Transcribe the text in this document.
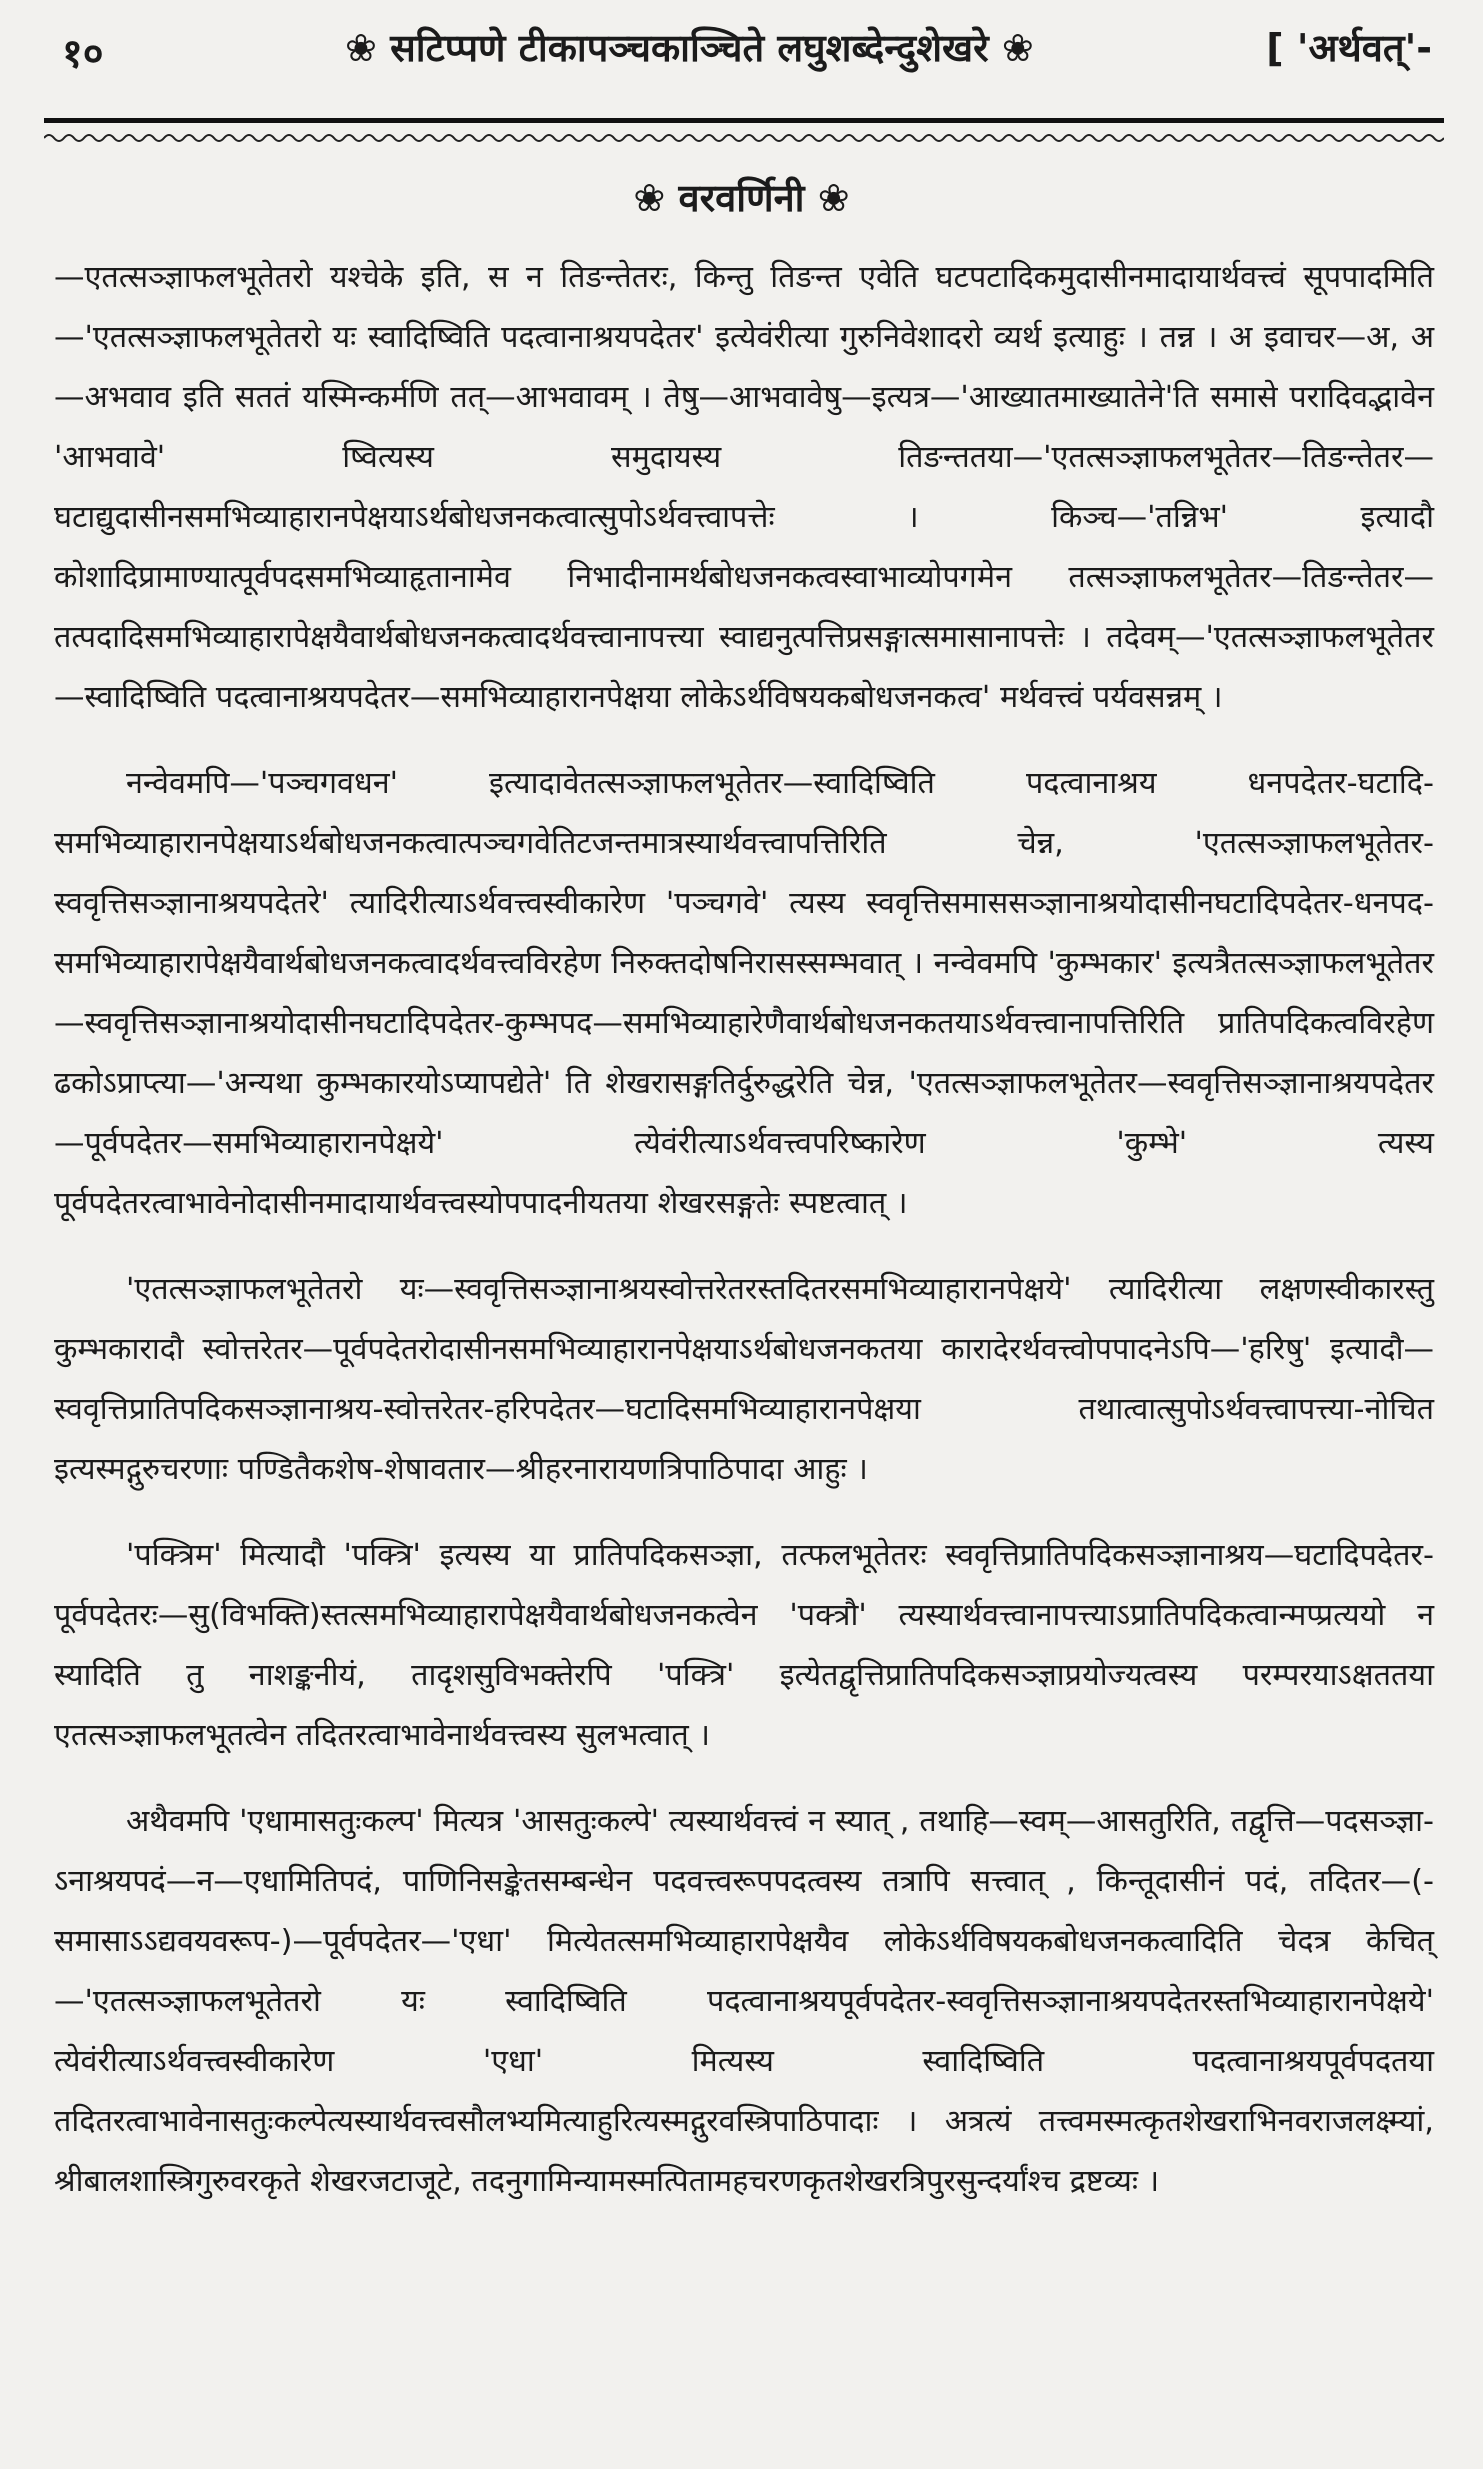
१०	❀ सटिप्पणे टीकापञ्चकाञ्चिते लघुशब्देन्दुशेखरे ❀	[ 'अर्थवत्'-
❀ वरवर्णिनी ❀

—एतत्सञ्ज्ञाफलभूतेतरो यश्चेके इति, स न तिङन्तेतरः, किन्तु तिङन्त एवेति घटपटादिकमुदासीनमादायार्थवत्त्वं सूपपादमिति—'एतत्सञ्ज्ञाफलभूतेतरो यः स्वादिष्विति पदत्वानाश्रयपदेतर' इत्येवंरीत्या गुरुनिवेशादरो व्यर्थ इत्याहुः । तन्न । अ इवाचर—अ, अ—अभवाव इति सततं यस्मिन्कर्मणि तत्—आभवावम् । तेषु—आभवावेषु—इत्यत्र—'आख्यातमाख्यातेने'ति समासे परादिवद्भावेन 'आभवावे' ष्वित्यस्य समुदायस्य तिङन्ततया—'एतत्सञ्ज्ञाफलभूतेतर—तिङन्तेतर—घटाद्युदासीनसमभिव्याहारानपेक्षयाऽर्थबोधजनकत्वात्सुपोऽर्थवत्त्वापत्तेः । किञ्च—'तन्निभ' इत्यादौ कोशादिप्रामाण्यात्पूर्वपदसमभिव्याहृतानामेव निभादीनामर्थबोधजनकत्वस्वाभाव्योपगमेन तत्सञ्ज्ञाफलभूतेतर—तिङन्तेतर—तत्पदादिसमभिव्याहारापेक्षयैवार्थबोधजनकत्वादर्थवत्त्वानापत्त्या स्वाद्यनुत्पत्तिप्रसङ्गात्समासानापत्तेः । तदेवम्—'एतत्सञ्ज्ञाफलभूतेतर—स्वादिष्विति पदत्वानाश्रयपदेतर—समभिव्याहारानपेक्षया लोकेऽर्थविषयकबोधजनकत्व' मर्थवत्त्वं पर्यवसन्नम् ।

नन्वेवमपि—'पञ्चगवधन' इत्यादावेतत्सञ्ज्ञाफलभूतेतर—स्वादिष्विति पदत्वानाश्रय धनपदेतर-घटादि-समभिव्याहारानपेक्षयाऽर्थबोधजनकत्वात्पञ्चगवेतिटजन्तमात्रस्यार्थवत्त्वापत्तिरिति चेन्न, 'एतत्सञ्ज्ञाफलभूतेतर-स्ववृत्तिसञ्ज्ञानाश्रयपदेतरे' त्यादिरीत्याऽर्थवत्त्वस्वीकारेण 'पञ्चगवे' त्यस्य स्ववृत्तिसमाससञ्ज्ञानाश्रयोदासीनघटादिपदेतर-धनपद-समभिव्याहारापेक्षयैवार्थबोधजनकत्वादर्थवत्त्वविरहेण निरुक्तदोषनिरासस्सम्भवात् । नन्वेवमपि 'कुम्भकार' इत्यत्रैतत्सञ्ज्ञाफलभूतेतर—स्ववृत्तिसञ्ज्ञानाश्रयोदासीनघटादिपदेतर-कुम्भपद—समभिव्याहारेणैवार्थबोधजनकतयाऽर्थवत्त्वानापत्तिरिति प्रातिपदिकत्वविरहेण ढकोऽप्राप्त्या—'अन्यथा कुम्भकारयोऽप्यापद्येते' ति शेखरासङ्गतिर्दुरुद्धरेति चेन्न, 'एतत्सञ्ज्ञाफलभूतेतर—स्ववृत्तिसञ्ज्ञानाश्रयपदेतर—पूर्वपदेतर—समभिव्याहारानपेक्षये' त्येवंरीत्याऽर्थवत्त्वपरिष्कारेण 'कुम्भे' त्यस्य पूर्वपदेतरत्वाभावेनोदासीनमादायार्थवत्त्वस्योपपादनीयतया शेखरसङ्गतेः स्पष्टत्वात् ।

'एतत्सञ्ज्ञाफलभूतेतरो यः—स्ववृत्तिसञ्ज्ञानाश्रयस्वोत्तरेतरस्तदितरसमभिव्याहारानपेक्षये' त्यादिरीत्या लक्षणस्वीकारस्तु कुम्भकारादौ स्वोत्तरेतर—पूर्वपदेतरोदासीनसमभिव्याहारानपेक्षयाऽर्थबोधजनकतया कारादेरर्थवत्त्वोपपादनेऽपि—'हरिषु' इत्यादौ—स्ववृत्तिप्रातिपदिकसञ्ज्ञानाश्रय-स्वोत्तरेतर-हरिपदेतर—घटादिसमभिव्याहारानपेक्षया तथात्वात्सुपोऽर्थवत्त्वापत्त्या-नोचित इत्यस्मद्गुरुचरणाः पण्डितैकशेष-शेषावतार—श्रीहरनारायणत्रिपाठिपादा आहुः ।

'पक्त्रिम' मित्यादौ 'पक्त्रि' इत्यस्य या प्रातिपदिकसञ्ज्ञा, तत्फलभूतेतरः स्ववृत्तिप्रातिपदिकसञ्ज्ञानाश्रय—घटादिपदेतर-पूर्वपदेतरः—सु(विभक्ति)स्तत्समभिव्याहारापेक्षयैवार्थबोधजनकत्वेन 'पक्त्रौ' त्यस्यार्थवत्त्वानापत्त्याऽप्रातिपदिकत्वान्मप्प्रत्ययो न स्यादिति तु नाशङ्कनीयं, तादृशसुविभक्तेरपि 'पक्त्रि' इत्येतद्वृत्तिप्रातिपदिकसञ्ज्ञाप्रयोज्यत्वस्य परम्परयाऽक्षततया एतत्सञ्ज्ञाफलभूतत्वेन तदितरत्वाभावेनार्थवत्त्वस्य सुलभत्वात् ।

अथैवमपि 'एधामासतुःकल्प' मित्यत्र 'आसतुःकल्पे' त्यस्यार्थवत्त्वं न स्यात् , तथाहि—स्वम्—आसतुरिति, तद्वृत्ति—पदसञ्ज्ञा-ऽनाश्रयपदं—न—एधामितिपदं, पाणिनिसङ्केतसम्बन्धेन पदवत्त्वरूपपदत्वस्य तत्रापि सत्त्वात् , किन्तूदासीनं पदं, तदितर—(-समासाऽऽद्यवयवरूप-)—पूर्वपदेतर—'एधा' मित्येतत्समभिव्याहारापेक्षयैव लोकेऽर्थविषयकबोधजनकत्वादिति चेदत्र केचित्—'एतत्सञ्ज्ञाफलभूतेतरो यः स्वादिष्विति पदत्वानाश्रयपूर्वपदेतर-स्ववृत्तिसञ्ज्ञानाश्रयपदेतरस्तभिव्याहारानपेक्षये' त्येवंरीत्याऽर्थवत्त्वस्वीकारेण 'एधा' मित्यस्य स्वादिष्विति पदत्वानाश्रयपूर्वपदतया तदितरत्वाभावेनासतुःकल्पेत्यस्यार्थवत्त्वसौलभ्यमित्याहुरित्यस्मद्गुरवस्त्रिपाठिपादाः । अत्रत्यं तत्त्वमस्मत्कृतशेखराभिनवराजलक्ष्म्यां, श्रीबालशास्त्रिगुरुवरकृते शेखरजटाजूटे, तदनुगामिन्यामस्मत्पितामहचरणकृतशेखरत्रिपुरसुन्दर्यांश्च द्रष्टव्यः ।
